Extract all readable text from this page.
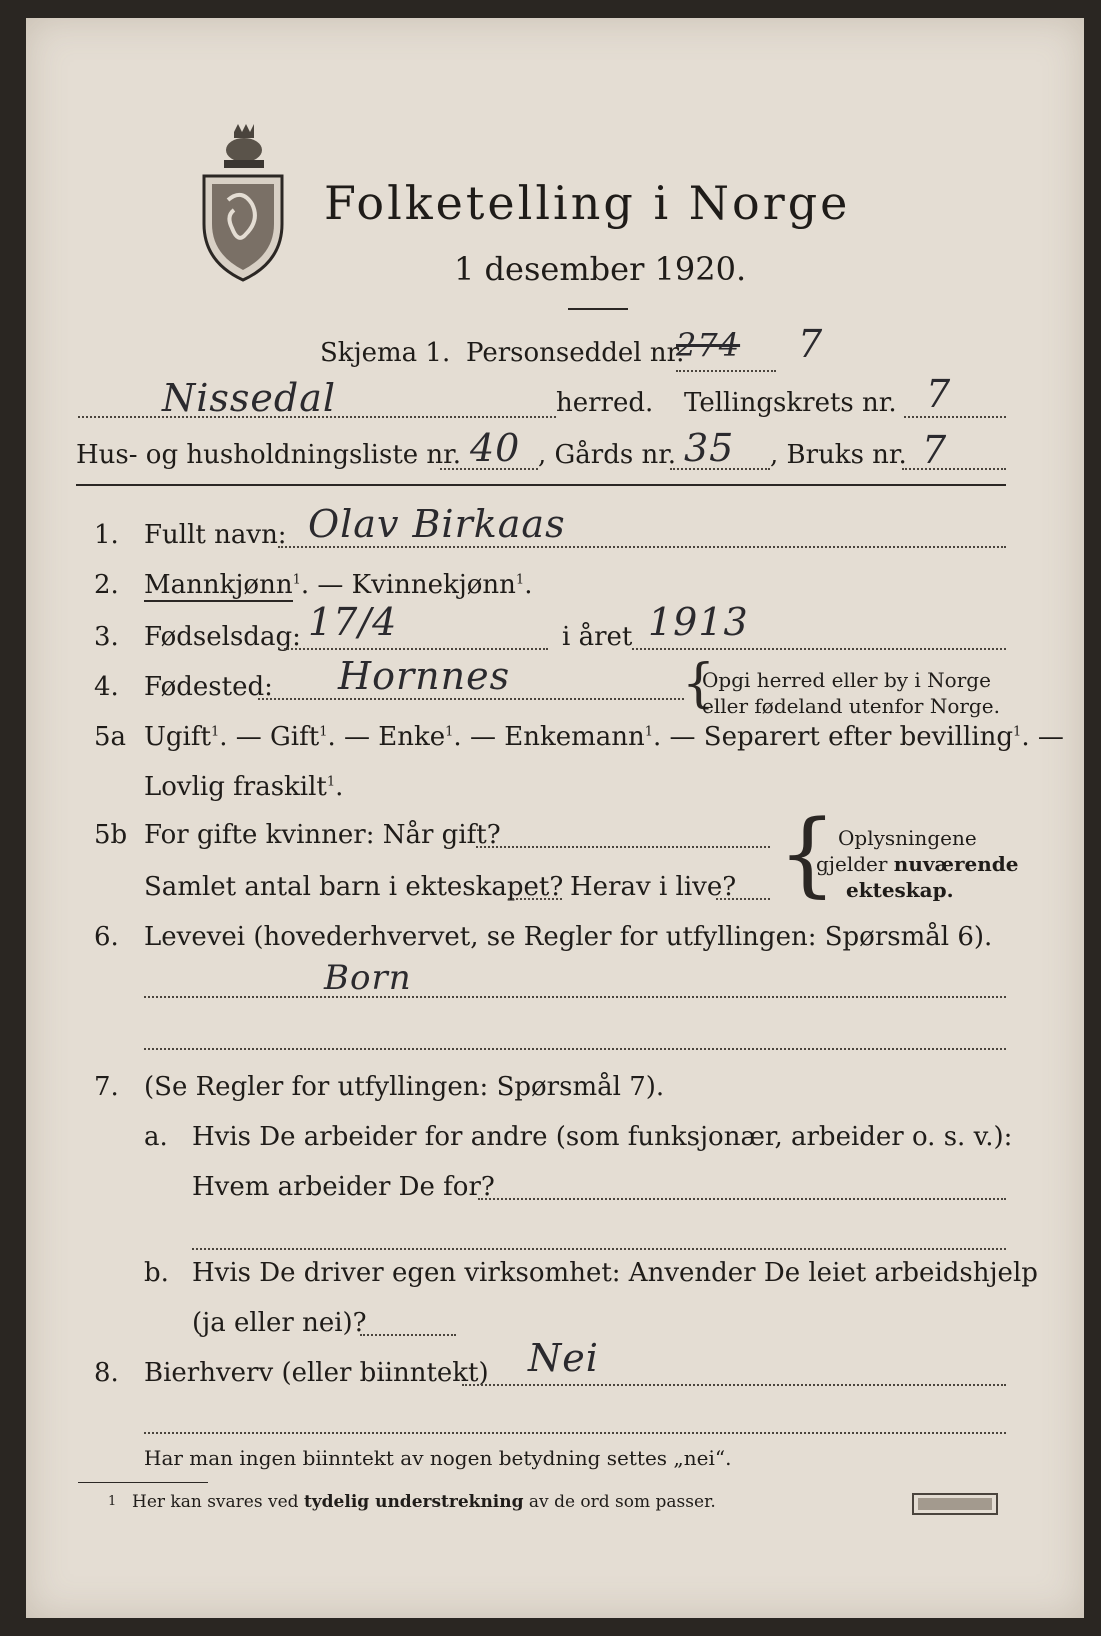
Folketelling i Norge
1 desember 1920.
Skjema 1. Personseddel nr.
274 7
Nissedal	herred. Tellingskrets nr. 7
Hus- og husholdningsliste nr. 40 , Gårds nr. 35 , Bruks nr. 7
1. Fullt navn: Olav Birkaas
2. Mannkjønn$^1$. — Kvinnekjønn$^1$.
3. Fødselsdag: 17/4	i året 1913
4. Fødested: Hornnes	{
Opgi herred eller by i Norge
eller fødeland utenfor Norge.
5a Ugift$^1$. — Gift$^1$. — Enke$^1$. — Enkemann$^1$. — Separert efter bevilling$^1$. —
Lovlig fraskilt$^1$.
5b For gifte kvinner: Når gift?
Samlet antal barn i ekteskapet? Herav i live? { Oplysningene
gjelder nuværende
ekteskap.
6. Levevei (hovederhvervet, se Regler for utfyllingen: Spørsmål 6).
Born
7. (Se Regler for utfyllingen: Spørsmål 7).
a. Hvis De arbeider for andre (som funksjonær, arbeider o. s. v.):
Hvem arbeider De for?
b. Hvis De driver egen virksomhet: Anvender De leiet arbeidshjelp
(ja eller nei)?
8. Bierhverv (eller biinntekt) Nei
Har man ingen biinntekt av nogen betydning settes „nei“.
1 Her kan svares ved tydelig understrekning av de ord som passer.
